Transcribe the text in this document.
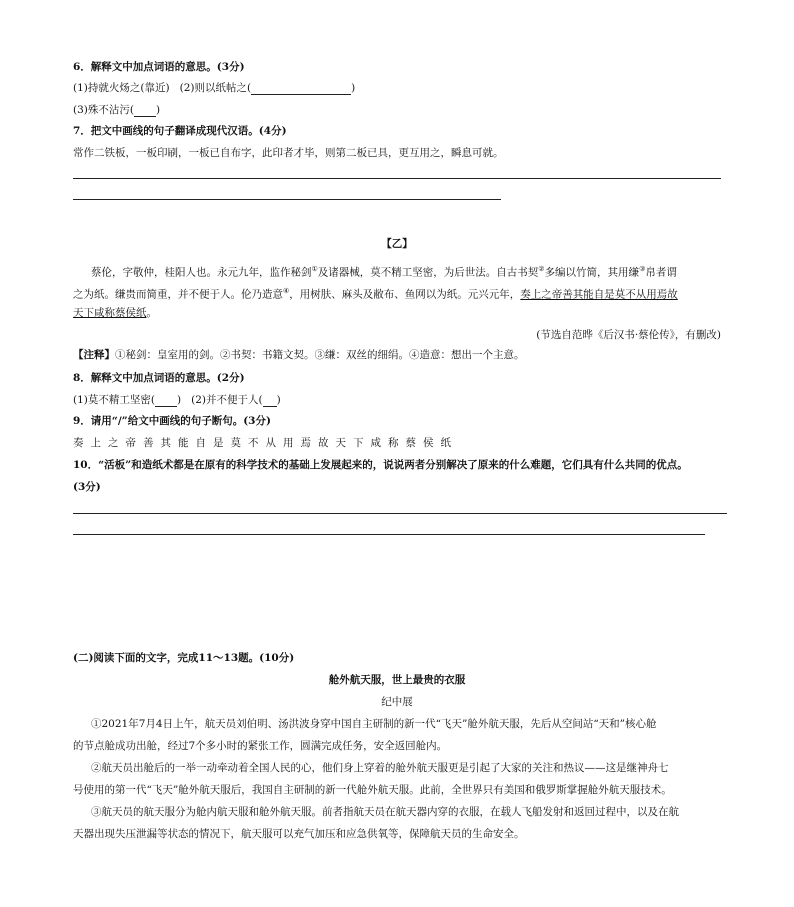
6．解释文中加点词语的意思。(3分)
(1)持就火炀之(靠近) (2)则以纸帖之(	)
(3)殊不沾污( )
7．把文中画线的句子翻译成现代汉语。(4分)
常作二铁板，一板印刷，一板已自布字，此印者才毕，则第二板已具，更互用之，瞬息可就。
【乙】
蔡伦，字敬仲，桂阳人也。永元九年，监作秘剑①及诸器械，莫不精工坚密，为后世法。自古书契②多编以竹简，其用缣③帛者谓
之为纸。缣贵而简重，并不便于人。伦乃造意④，用树肤、麻头及敝布、鱼网以为纸。元兴元年，奏上之帝善其能自是莫不从用焉故
天下咸称蔡侯纸。
(节选自范晔《后汉书·蔡伦传》，有删改)
【注释】①秘剑：皇室用的剑。②书契：书籍文契。③缣：双丝的细绢。④造意：想出一个主意。
8．解释文中加点词语的意思。(2分)
(1)莫不精工坚密( ) (2)并不便于人( )
9．请用“/”给文中画线的句子断句。(3分)
奏上之帝善其能自是莫不从用焉故天下咸称蔡侯纸
10．“活板”和造纸术都是在原有的科学技术的基础上发展起来的，说说两者分别解决了原来的什么难题，它们具有什么共同的优点。
(3分)
(二)阅读下面的文字，完成11～13题。(10分)
舱外航天服，世上最贵的衣服
纪中展
①2021年7月4日上午，航天员刘伯明、汤洪波身穿中国自主研制的新一代“飞天”舱外航天服，先后从空间站“天和”核心舱
的节点舱成功出舱，经过7个多小时的紧张工作，圆满完成任务，安全返回舱内。
②航天员出舱后的一举一动牵动着全国人民的心，他们身上穿着的舱外航天服更是引起了大家的关注和热议——这是继神舟七
号使用的第一代“飞天”舱外航天服后，我国自主研制的新一代舱外航天服。此前，全世界只有美国和俄罗斯掌握舱外航天服技术。
③航天员的航天服分为舱内航天服和舱外航天服。前者指航天员在航天器内穿的衣服，在载人飞船发射和返回过程中，以及在航
天器出现失压泄漏等状态的情况下，航天服可以充气加压和应急供氧等，保障航天员的生命安全。
